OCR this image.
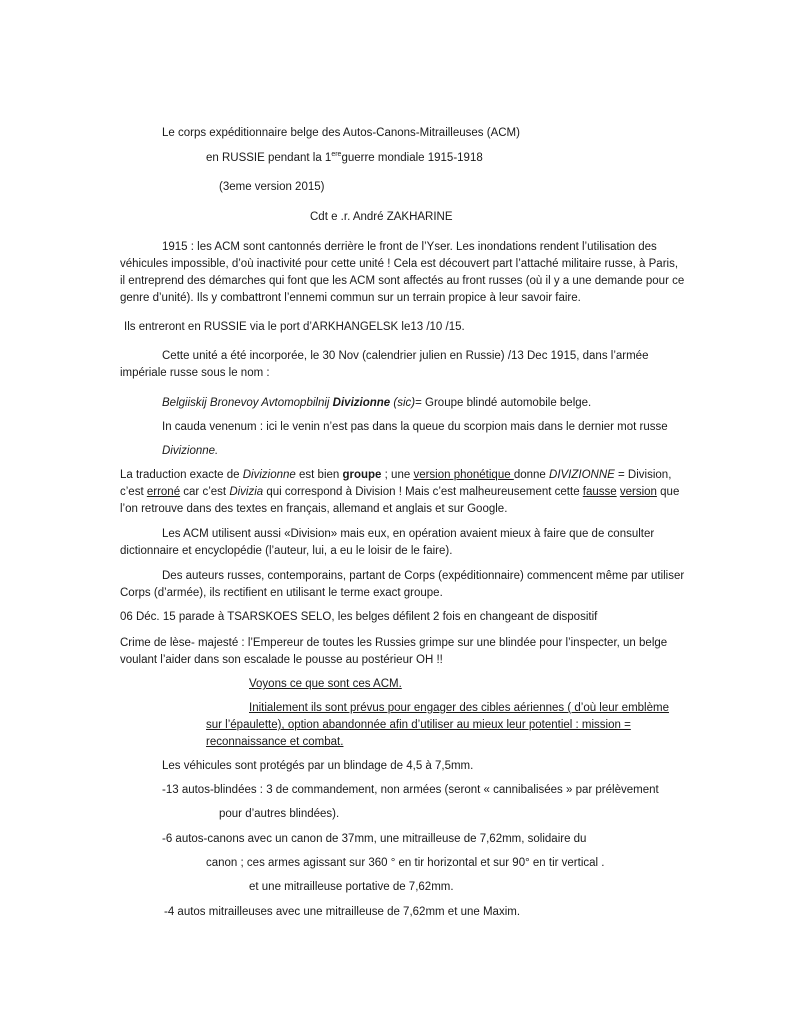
Le corps expéditionnaire belge des Autos-Canons-Mitrailleuses (ACM)
en RUSSIE pendant la 1ereguerre mondiale 1915-1918
(3eme version 2015)
Cdt e .r. André ZAKHARINE
1915 : les ACM sont cantonnés derrière le front de l’Yser. Les inondations rendent l’utilisation des
véhicules impossible, d’où inactivité pour cette unité ! Cela est découvert part l’attaché militaire russe, à Paris,
il entreprend des démarches qui font que les ACM sont affectés au front russes (où il y a une demande pour ce
genre d’unité). Ils y combattront l’ennemi commun sur un terrain propice à leur savoir faire.
Ils entreront en RUSSIE via le port d’ARKHANGELSK le13 /10 /15.
Cette unité a été incorporée, le 30 Nov (calendrier julien en Russie) /13 Dec 1915, dans l’armée
impériale russe sous le nom :
Belgiiskij Bronevoy Avtomopbilnij Divizionne (sic)= Groupe blindé automobile belge.
In cauda venenum : ici le venin n’est pas dans la queue du scorpion mais dans le dernier mot russe
Divizionne.
La traduction exacte de Divizionne est bien groupe ; une version phonétique donne DIVIZIONNE = Division,
c’est erroné car c’est Divizia qui correspond à Division ! Mais c’est malheureusement cette fausse version que
l’on retrouve dans des textes en français, allemand et anglais et sur Google.
Les ACM utilisent aussi «Division» mais eux, en opération avaient mieux à faire que de consulter
dictionnaire et encyclopédie (l’auteur, lui, a eu le loisir de le faire).
Des auteurs russes, contemporains, partant de Corps (expéditionnaire) commencent même par utiliser
Corps (d’armée), ils rectifient en utilisant le terme exact groupe.
06 Déc. 15 parade à TSARSKOES SELO, les belges défilent 2 fois en changeant de dispositif
Crime de lèse- majesté : l’Empereur de toutes les Russies grimpe sur une blindée pour l’inspecter, un belge
voulant l’aider dans son escalade le pousse au postérieur OH !!
Voyons ce que sont ces ACM.
Initialement ils sont prévus pour engager des cibles aériennes ( d’où leur emblème
sur l’épaulette), option abandonnée afin d’utiliser au mieux leur potentiel : mission =
reconnaissance et combat.
Les véhicules sont protégés par un blindage de 4,5 à 7,5mm.
-13 autos-blindées : 3 de commandement, non armées (seront « cannibalisées » par prélèvement
pour d’autres blindées).
-6 autos-canons avec un canon de 37mm, une mitrailleuse de 7,62mm, solidaire du
canon ; ces armes agissant sur 360 ° en tir horizontal et sur 90° en tir vertical .
et une mitrailleuse portative de 7,62mm.
-4 autos mitrailleuses avec une mitrailleuse de 7,62mm et une Maxim.
